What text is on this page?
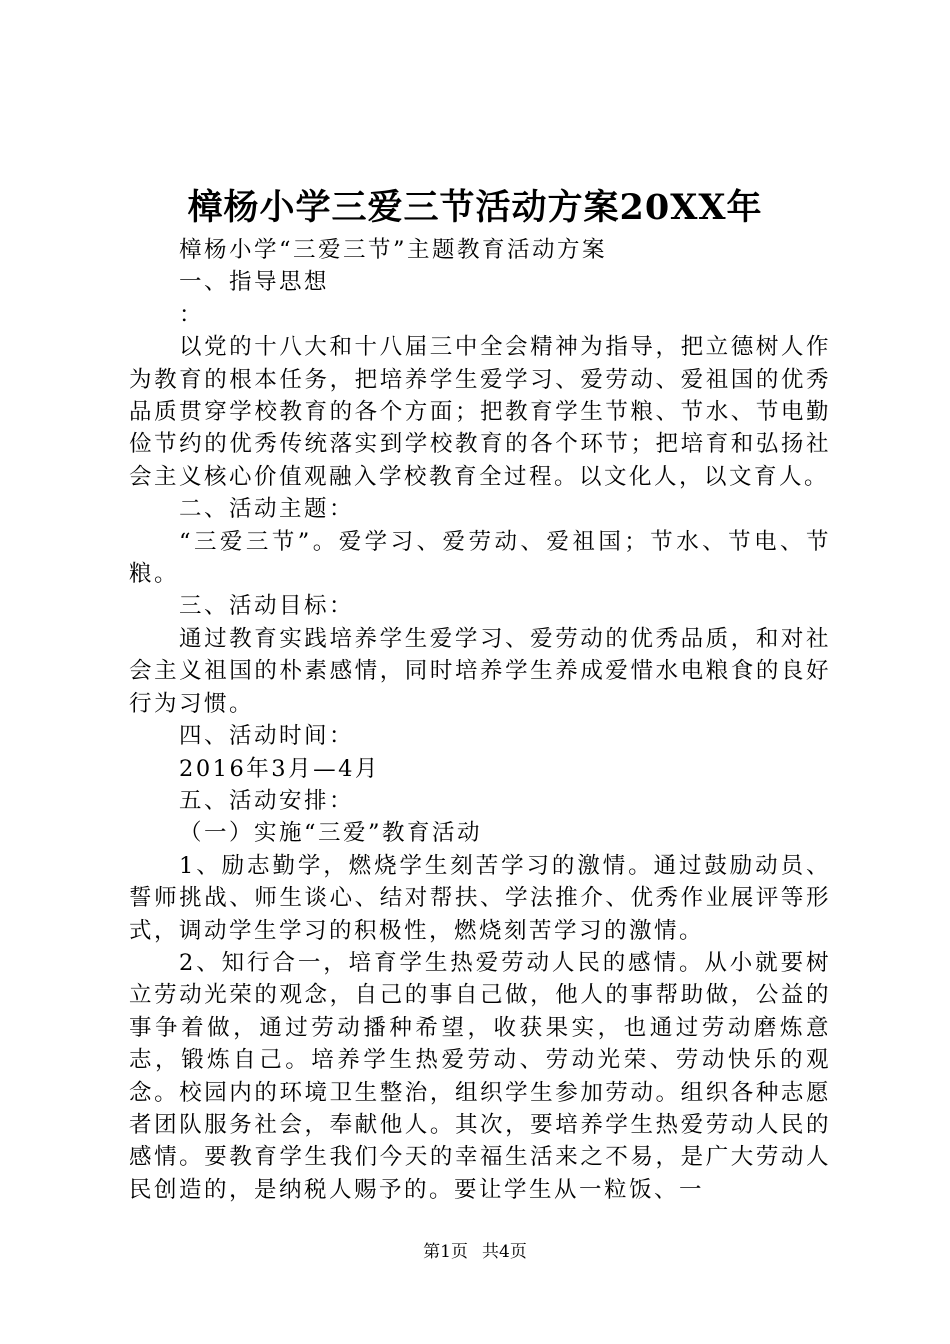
樟杨小学三爱三节活动方案20XX年

樟杨小学“三爱三节”主题教育活动方案

一、指导思想

：

以党的十八大和十八届三中全会精神为指导，把立德树人作为教育的根本任务，把培养学生爱学习、爱劳动、爱祖国的优秀品质贯穿学校教育的各个方面；把教育学生节粮、节水、节电勤俭节约的优秀传统落实到学校教育的各个环节；把培育和弘扬社会主义核心价值观融入学校教育全过程。以文化人，以文育人。

二、活动主题：

“三爱三节”。爱学习、爱劳动、爱祖国；节水、节电、节粮。

三、活动目标：

通过教育实践培养学生爱学习、爱劳动的优秀品质，和对社会主义祖国的朴素感情，同时培养学生养成爱惜水电粮食的良好行为习惯。

四、活动时间：

2016年3月—4月

五、活动安排：

（一）实施“三爱”教育活动

1、励志勤学，燃烧学生刻苦学习的激情。通过鼓励动员、誓师挑战、师生谈心、结对帮扶、学法推介、优秀作业展评等形式，调动学生学习的积极性，燃烧刻苦学习的激情。

2、知行合一，培育学生热爱劳动人民的感情。从小就要树立劳动光荣的观念，自己的事自己做，他人的事帮助做，公益的事争着做，通过劳动播种希望，收获果实，也通过劳动磨炼意志，锻炼自己。培养学生热爱劳动、劳动光荣、劳动快乐的观念。校园内的环境卫生整治，组织学生参加劳动。组织各种志愿者团队服务社会，奉献他人。其次，要培养学生热爱劳动人民的感情。要教育学生我们今天的幸福生活来之不易，是广大劳动人民创造的，是纳税人赐予的。要让学生从一粒饭、一

第1页 共4页
